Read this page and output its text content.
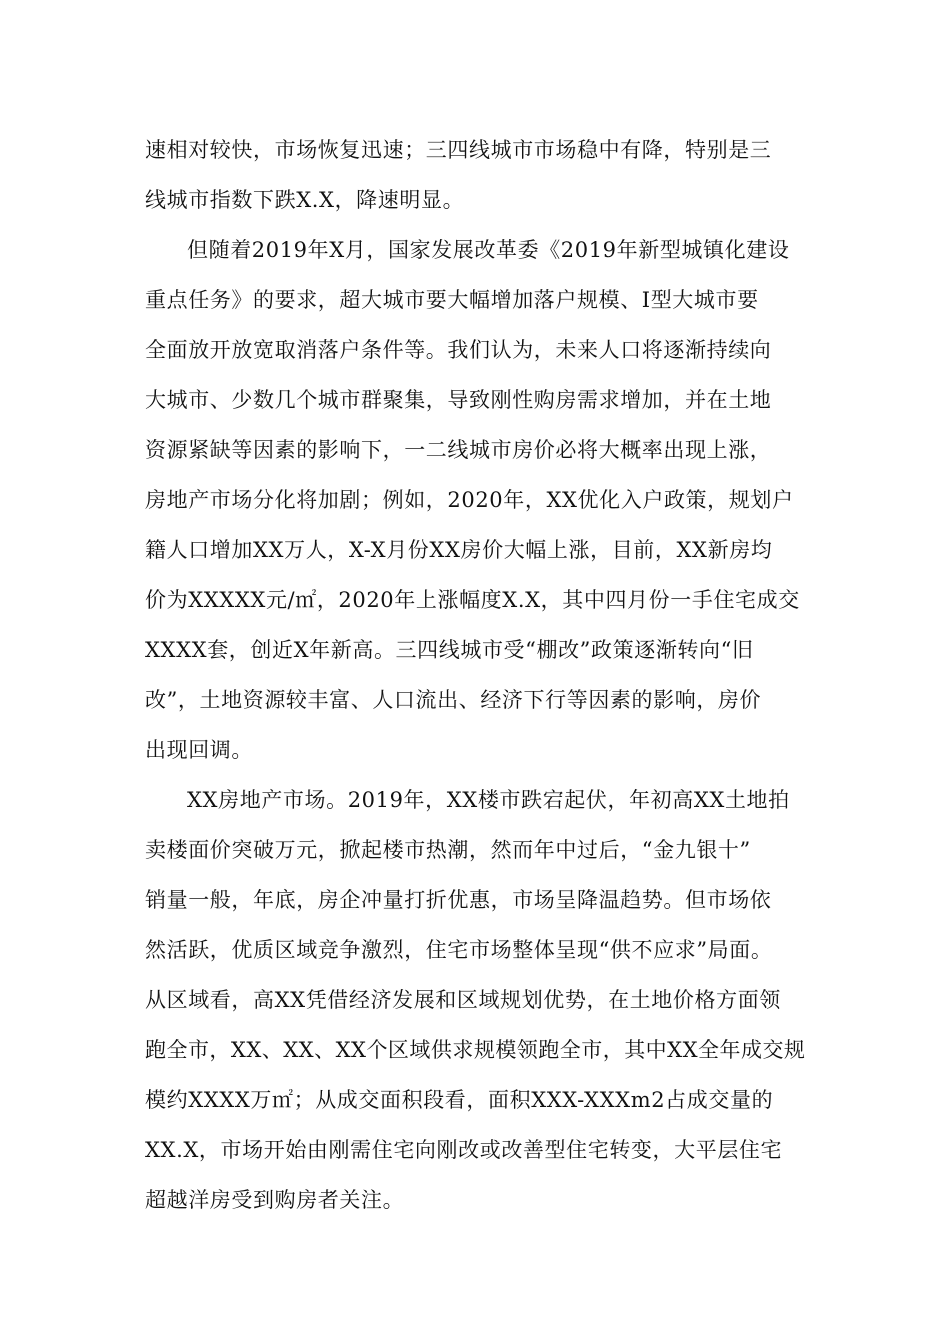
速相对较快，市场恢复迅速；三四线城市市场稳中有降，特别是三
线城市指数下跌X.X，降速明显。
但随着2019年X月，国家发展改革委《2019年新型城镇化建设
重点任务》的要求，超大城市要大幅增加落户规模、Ⅰ型大城市要
全面放开放宽取消落户条件等。我们认为，未来人口将逐渐持续向
大城市、少数几个城市群聚集，导致刚性购房需求增加，并在土地
资源紧缺等因素的影响下，一二线城市房价必将大概率出现上涨，
房地产市场分化将加剧；例如，2020年，XX优化入户政策，规划户
籍人口增加XX万人，X-X月份XX房价大幅上涨，目前，XX新房均
价为XXXXX元/㎡，2020年上涨幅度X.X，其中四月份一手住宅成交
XXXX套，创近X年新高。三四线城市受“棚改”政策逐渐转向“旧
改”，土地资源较丰富、人口流出、经济下行等因素的影响，房价
出现回调。
XX房地产市场。2019年，XX楼市跌宕起伏，年初高XX土地拍
卖楼面价突破万元，掀起楼市热潮，然而年中过后，“金九银十”
销量一般，年底，房企冲量打折优惠，市场呈降温趋势。但市场依
然活跃，优质区域竞争激烈，住宅市场整体呈现“供不应求”局面。
从区域看，高XX凭借经济发展和区域规划优势，在土地价格方面领
跑全市，XX、XX、XX个区域供求规模领跑全市，其中XX全年成交规
模约XXXX万㎡；从成交面积段看，面积XXX-XXXm2占成交量的
XX.X，市场开始由刚需住宅向刚改或改善型住宅转变，大平层住宅
超越洋房受到购房者关注。
